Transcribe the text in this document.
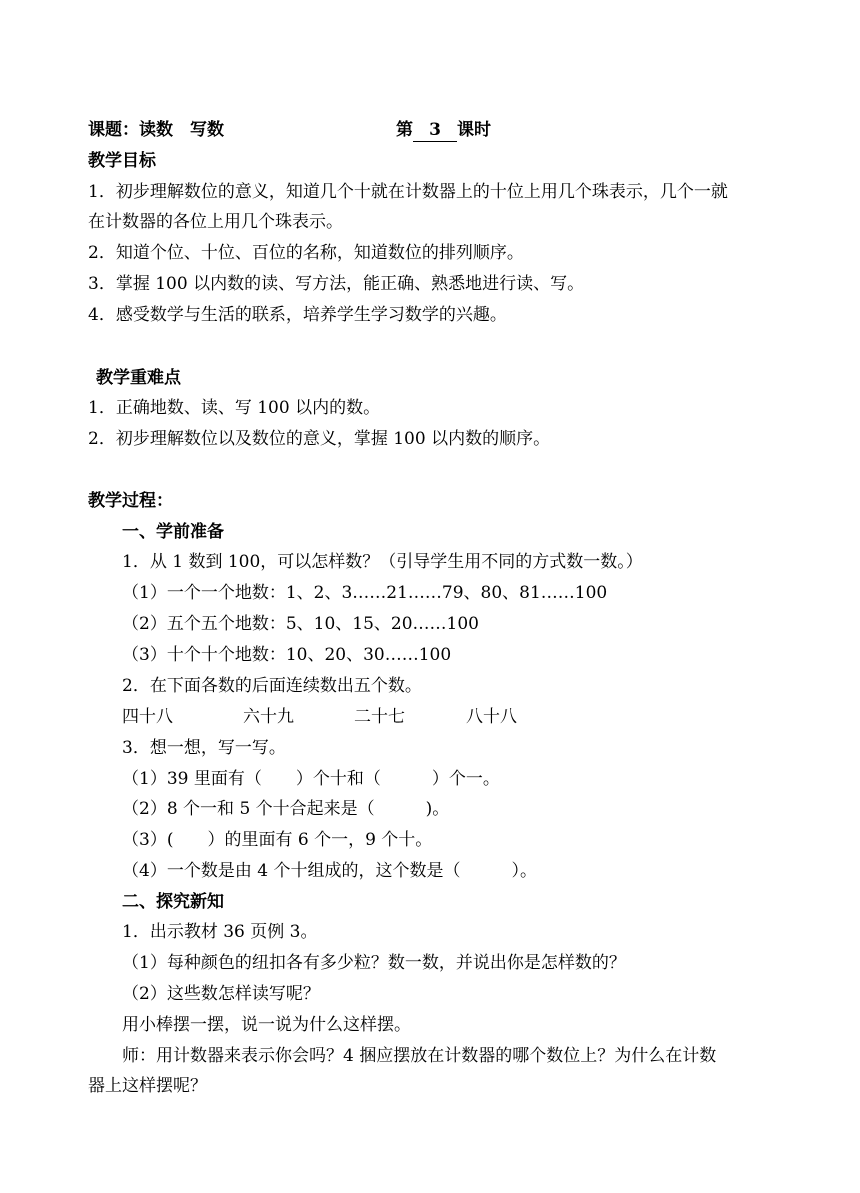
课题：读数　写数	第 3 课时
教学目标
1．初步理解数位的意义，知道几个十就在计数器上的十位上用几个珠表示，几个一就
在计数器的各位上用几个珠表示。
2．知道个位、十位、百位的名称，知道数位的排列顺序。
3．掌握 100 以内数的读、写方法，能正确、熟悉地进行读、写。
4．感受数学与生活的联系，培养学生学习数学的兴趣。
教学重难点
1．正确地数、读、写 100 以内的数。
2．初步理解数位以及数位的意义，掌握 100 以内数的顺序。
教学过程：
一、学前准备
1．从 1 数到 100，可以怎样数？（引导学生用不同的方式数一数。）
（1）一个一个地数：1、2、3……21……79、80、81……100
（2）五个五个地数：5、10、15、20……100
（3）十个十个地数：10、20、30……100
2．在下面各数的后面连续数出五个数。
四十八	六十九	二十七	八十八
3．想一想，写一写。
（1）39 里面有（　　）个十和（　　　）个一。
（2）8 个一和 5 个十合起来是（　　　)。
（3）(　　）的里面有 6 个一，9 个十。
（4）一个数是由 4 个十组成的，这个数是（　　　）。
二、探究新知
1．出示教材 36 页例 3。
（1）每种颜色的纽扣各有多少粒？数一数，并说出你是怎样数的？
（2）这些数怎样读写呢？
用小棒摆一摆，说一说为什么这样摆。
师：用计数器来表示你会吗？4 捆应摆放在计数器的哪个数位上？为什么在计数
器上这样摆呢？
